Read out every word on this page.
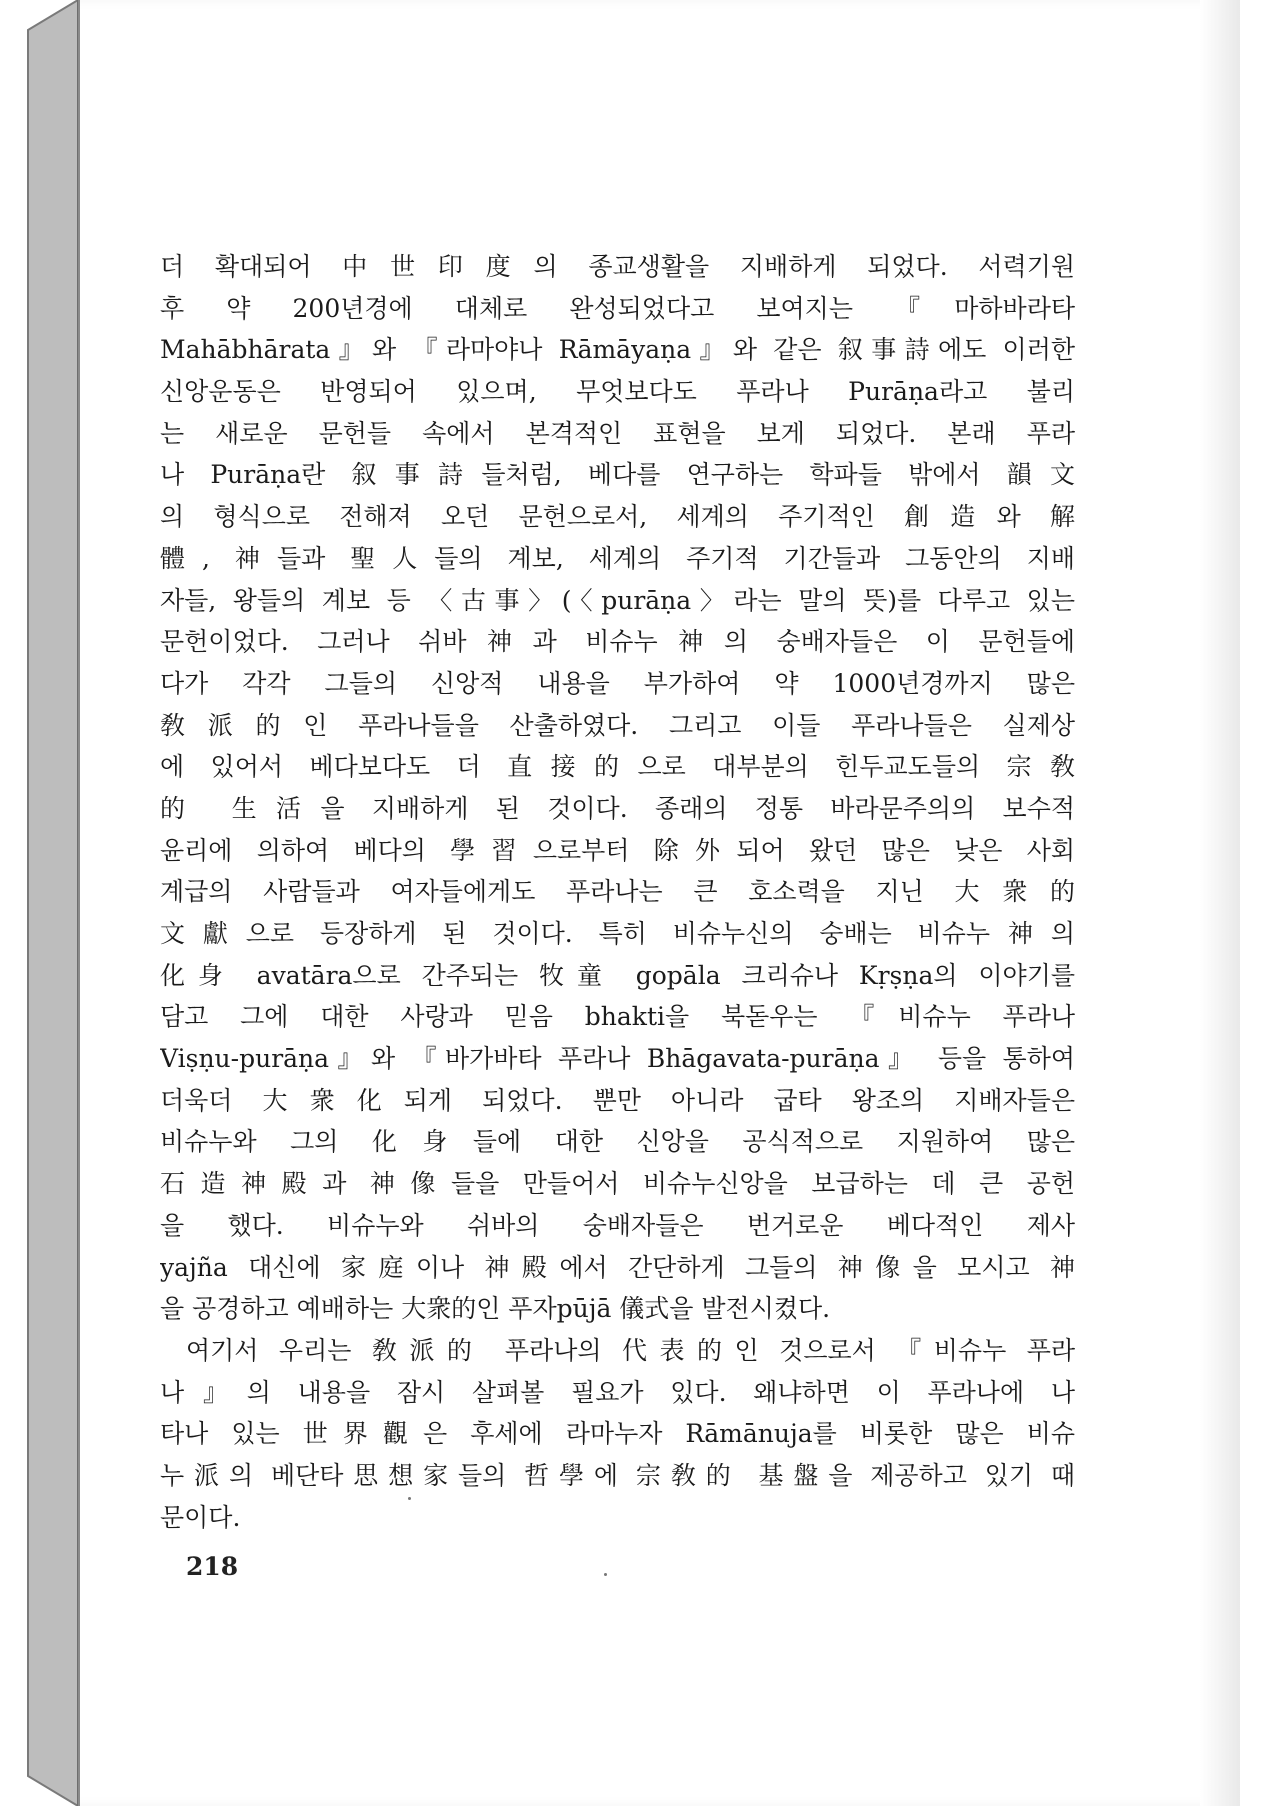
더 확대되어 中世印度의 종교생활을 지배하게 되었다. 서력기원
후 약 200년경에 대체로 완성되었다고 보여지는 『마하바라타
Mahābhārata』와 『라마야나 Rāmāyaṇa』와 같은 叙事詩에도 이러한
신앙운동은 반영되어 있으며, 무엇보다도 푸라나 Purāṇa라고 불리
는 새로운 문헌들 속에서 본격적인 표현을 보게 되었다. 본래 푸라
나 Purāṇa란 叙事詩들처럼, 베다를 연구하는 학파들 밖에서 韻文
의 형식으로 전해져 오던 문헌으로서, 세계의 주기적인 創造와 解
體, 神들과 聖人들의 계보, 세계의 주기적 기간들과 그동안의 지배
자들, 왕들의 계보 등 〈古事〉(〈purāṇa〉라는 말의 뜻)를 다루고 있는
문헌이었다. 그러나 쉬바神과 비슈누神의 숭배자들은 이 문헌들에
다가 각각 그들의 신앙적 내용을 부가하여 약 1000년경까지 많은
敎派的인 푸라나들을 산출하였다. 그리고 이들 푸라나들은 실제상
에 있어서 베다보다도 더 直接的으로 대부분의 힌두교도들의 宗敎
的 生活을 지배하게 된 것이다. 종래의 정통 바라문주의의 보수적
윤리에 의하여 베다의 學習으로부터 除外되어 왔던 많은 낮은 사회
계급의 사람들과 여자들에게도 푸라나는 큰 호소력을 지닌 大衆的
文獻으로 등장하게 된 것이다. 특히 비슈누신의 숭배는 비슈누神의
化身 avatāra으로 간주되는 牧童 gopāla 크리슈나 Kṛṣṇa의 이야기를
담고 그에 대한 사랑과 믿음 bhakti을 북돋우는 『비슈누 푸라나
Viṣṇu-purāṇa』와 『바가바타 푸라나 Bhāgavata-purāṇa』 등을 통하여
더욱더 大衆化되게 되었다. 뿐만 아니라 굽타 왕조의 지배자들은
비슈누와 그의 化身들에 대한 신앙을 공식적으로 지원하여 많은
石造神殿과 神像들을 만들어서 비슈누신앙을 보급하는 데 큰 공헌
을 했다. 비슈누와 쉬바의 숭배자들은 번거로운 베다적인 제사
yajña 대신에 家庭이나 神殿에서 간단하게 그들의 神像을 모시고 神
을 공경하고 예배하는 大衆的인 푸자pūjā 儀式을 발전시켰다.
여기서 우리는 敎派的 푸라나의 代表的인 것으로서 『비슈누 푸라
나』의 내용을 잠시 살펴볼 필요가 있다. 왜냐하면 이 푸라나에 나
타나 있는 世界觀은 후세에 라마누자 Rāmānuja를 비롯한 많은 비슈
누派의 베단타思想家들의 哲學에 宗敎的 基盤을 제공하고 있기 때
문이다.
218
